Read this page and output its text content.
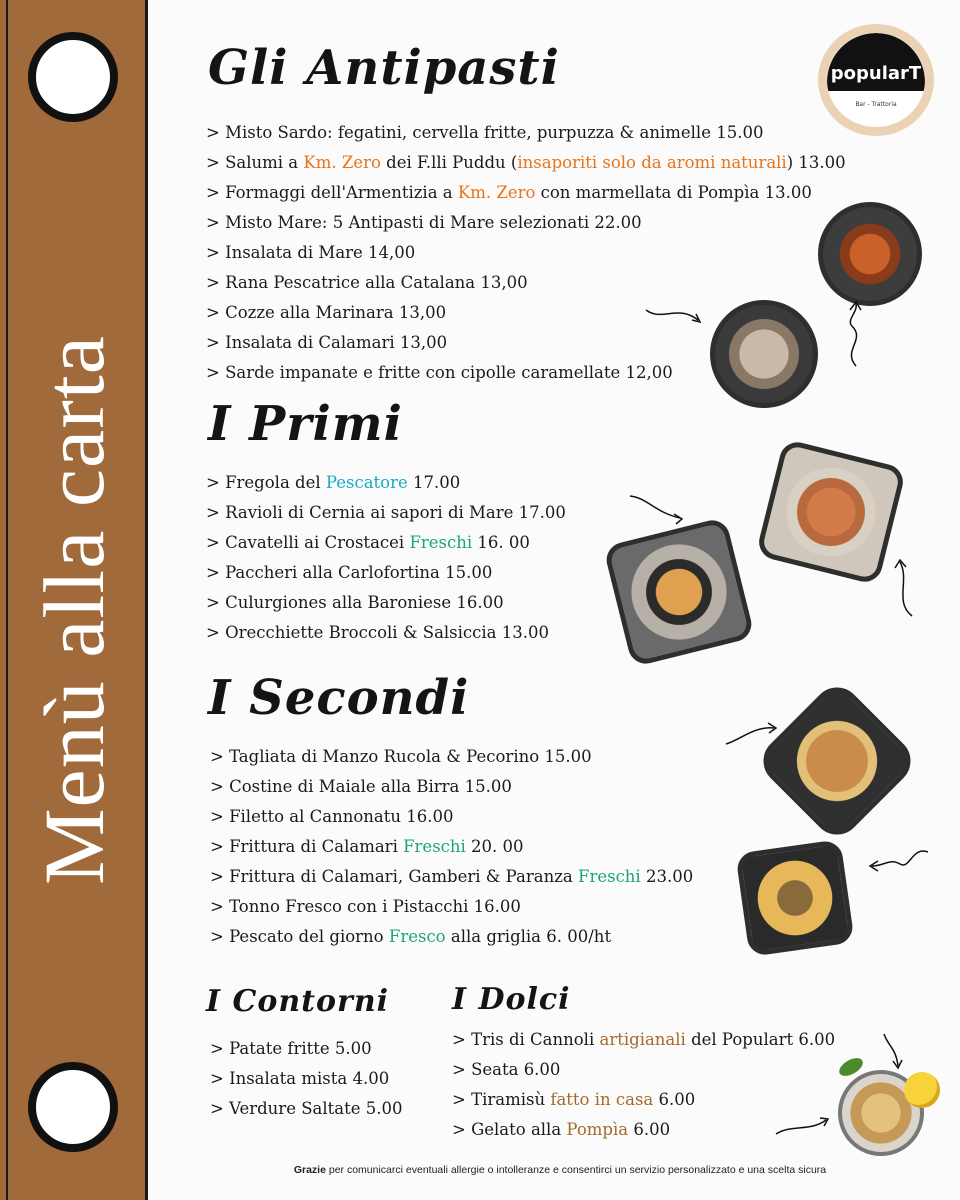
Menù alla carta
popularT
Bar - Trattoria
Gli Antipasti
> Misto Sardo: fegatini, cervella fritte, purpuzza & animelle 15.00
> Salumi a Km. Zero dei F.lli Puddu (insaporiti solo da aromi naturali) 13.00
> Formaggi dell'Armentizia a Km. Zero con marmellata di Pompìa 13.00
> Misto Mare: 5 Antipasti di Mare selezionati 22.00
> Insalata di Mare 14,00
> Rana Pescatrice alla Catalana 13,00
> Cozze alla Marinara 13,00
> Insalata di Calamari 13,00
> Sarde impanate e fritte con cipolle caramellate 12,00
I Primi
> Fregola del Pescatore 17.00
> Ravioli di Cernia ai sapori di Mare 17.00
> Cavatelli ai Crostacei Freschi 16. 00
> Paccheri alla Carlofortina 15.00
> Culurgiones alla Baroniese 16.00
> Orecchiette Broccoli & Salsiccia 13.00
I Secondi
> Tagliata di Manzo Rucola & Pecorino 15.00
> Costine di Maiale alla Birra 15.00
> Filetto al Cannonatu 16.00
> Frittura di Calamari Freschi 20. 00
> Frittura di Calamari, Gamberi & Paranza Freschi 23.00
> Tonno Fresco con i Pistacchi 16.00
> Pescato del giorno Fresco alla griglia 6. 00/ht
I Contorni
> Patate fritte 5.00
> Insalata mista 4.00
> Verdure Saltate 5.00
I Dolci
> Tris di Cannoli artigianali del Populart 6.00
> Seata 6.00
> Tiramisù fatto in casa 6.00
> Gelato alla Pompìa 6.00
Grazie per comunicarci eventuali allergie o intolleranze e consentirci un servizio personalizzato e una scelta sicura
